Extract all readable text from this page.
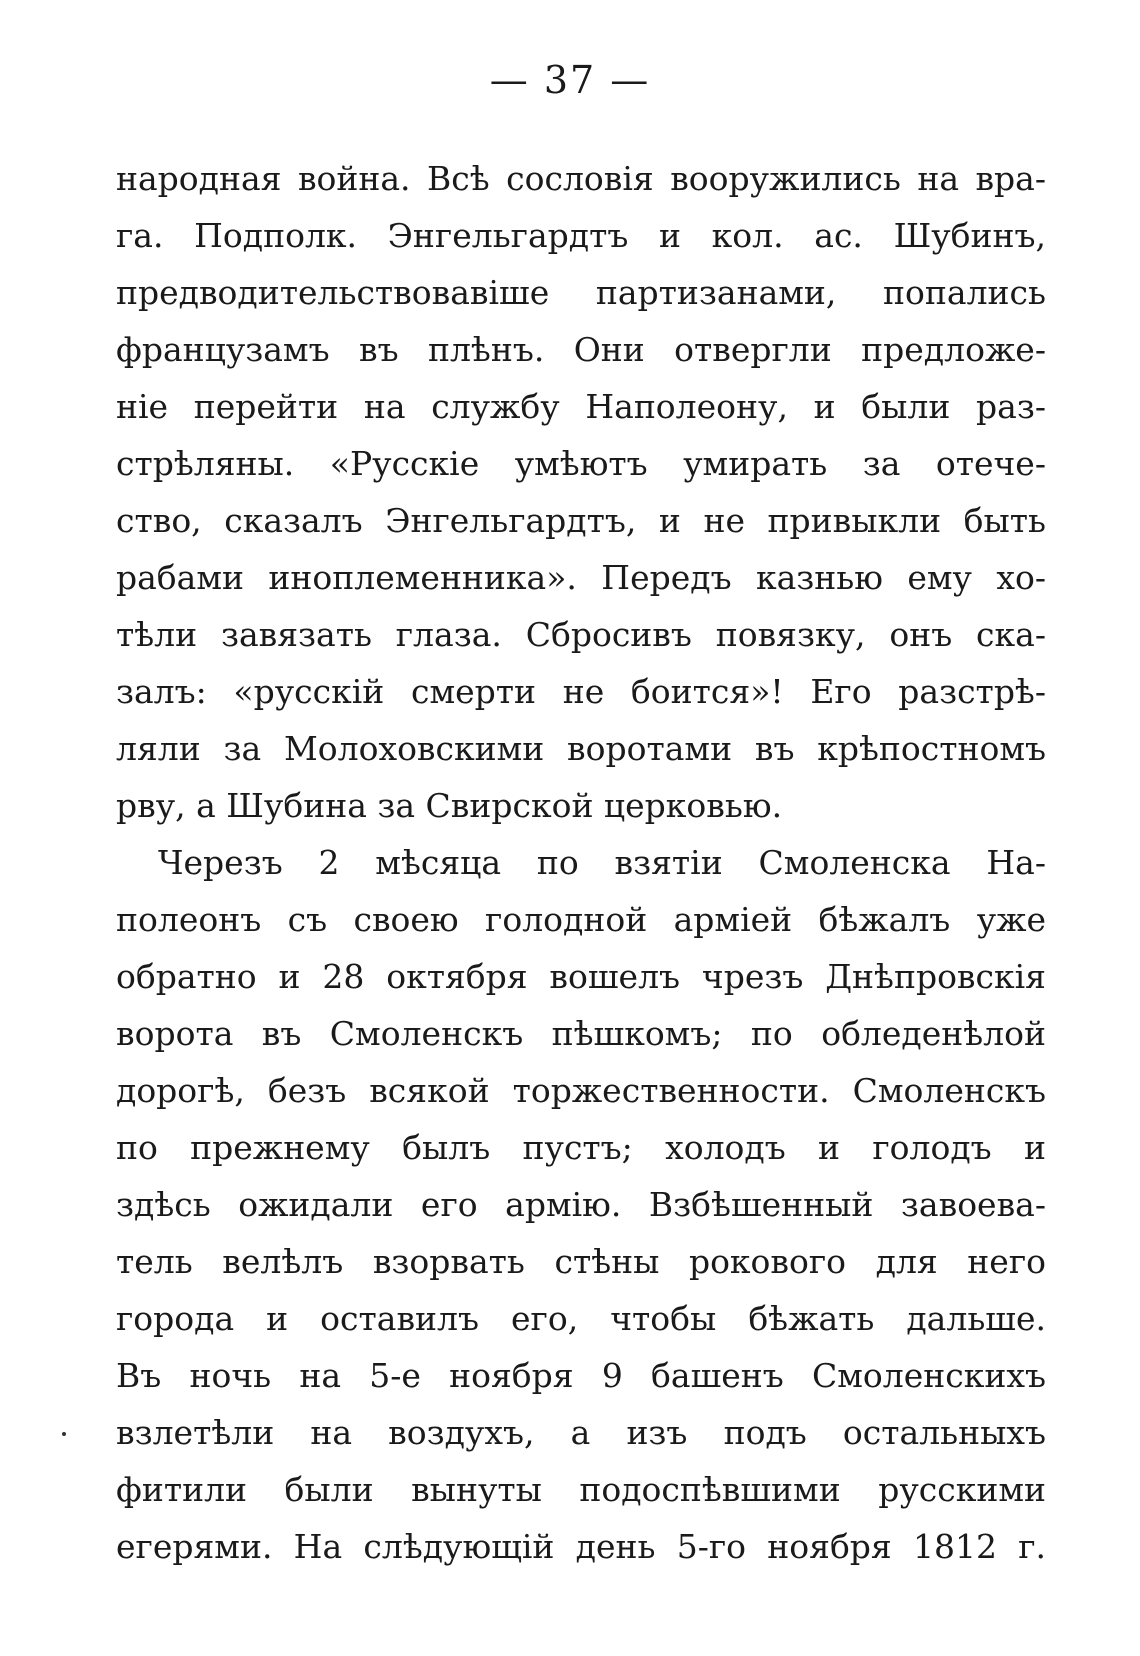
— 37 —
народная война. Всѣ сословія вооружились на вра-
га. Подполк. Энгельгардтъ и кол. ас. Шубинъ,
предводительствовавіше партизанами, попались
французамъ въ плѣнъ. Они отвергли предложе-
ніе перейти на службу Наполеону, и были раз-
стрѣляны. «Русскіе умѣютъ умирать за отече-
ство, сказалъ Энгельгардтъ, и не привыкли быть
рабами иноплеменника». Передъ казнью ему хо-
тѣли завязать глаза. Сбросивъ повязку, онъ ска-
залъ: «русскій смерти не боится»! Его разстрѣ-
ляли за Молоховскими воротами въ крѣпостномъ
рву, а Шубина за Свирской церковью.
Черезъ 2 мѣсяца по взятіи Смоленска На-
полеонъ съ своею голодной арміей бѣжалъ уже
обратно и 28 октября вошелъ чрезъ Днѣпровскія
ворота въ Смоленскъ пѣшкомъ; по обледенѣлой
дорогѣ, безъ всякой торжественности. Смоленскъ
по прежнему былъ пустъ; холодъ и голодъ и
здѣсь ожидали его армію. Взбѣшенный завоева-
тель велѣлъ взорвать стѣны рокового для него
города и оставилъ его, чтобы бѣжать дальше.
Въ ночь на 5-е ноября 9 башенъ Смоленскихъ
взлетѣли на воздухъ, а изъ подъ остальныхъ
фитили были вынуты подоспѣвшими русскими
егерями. На слѣдующій день 5-го ноября 1812 г.
